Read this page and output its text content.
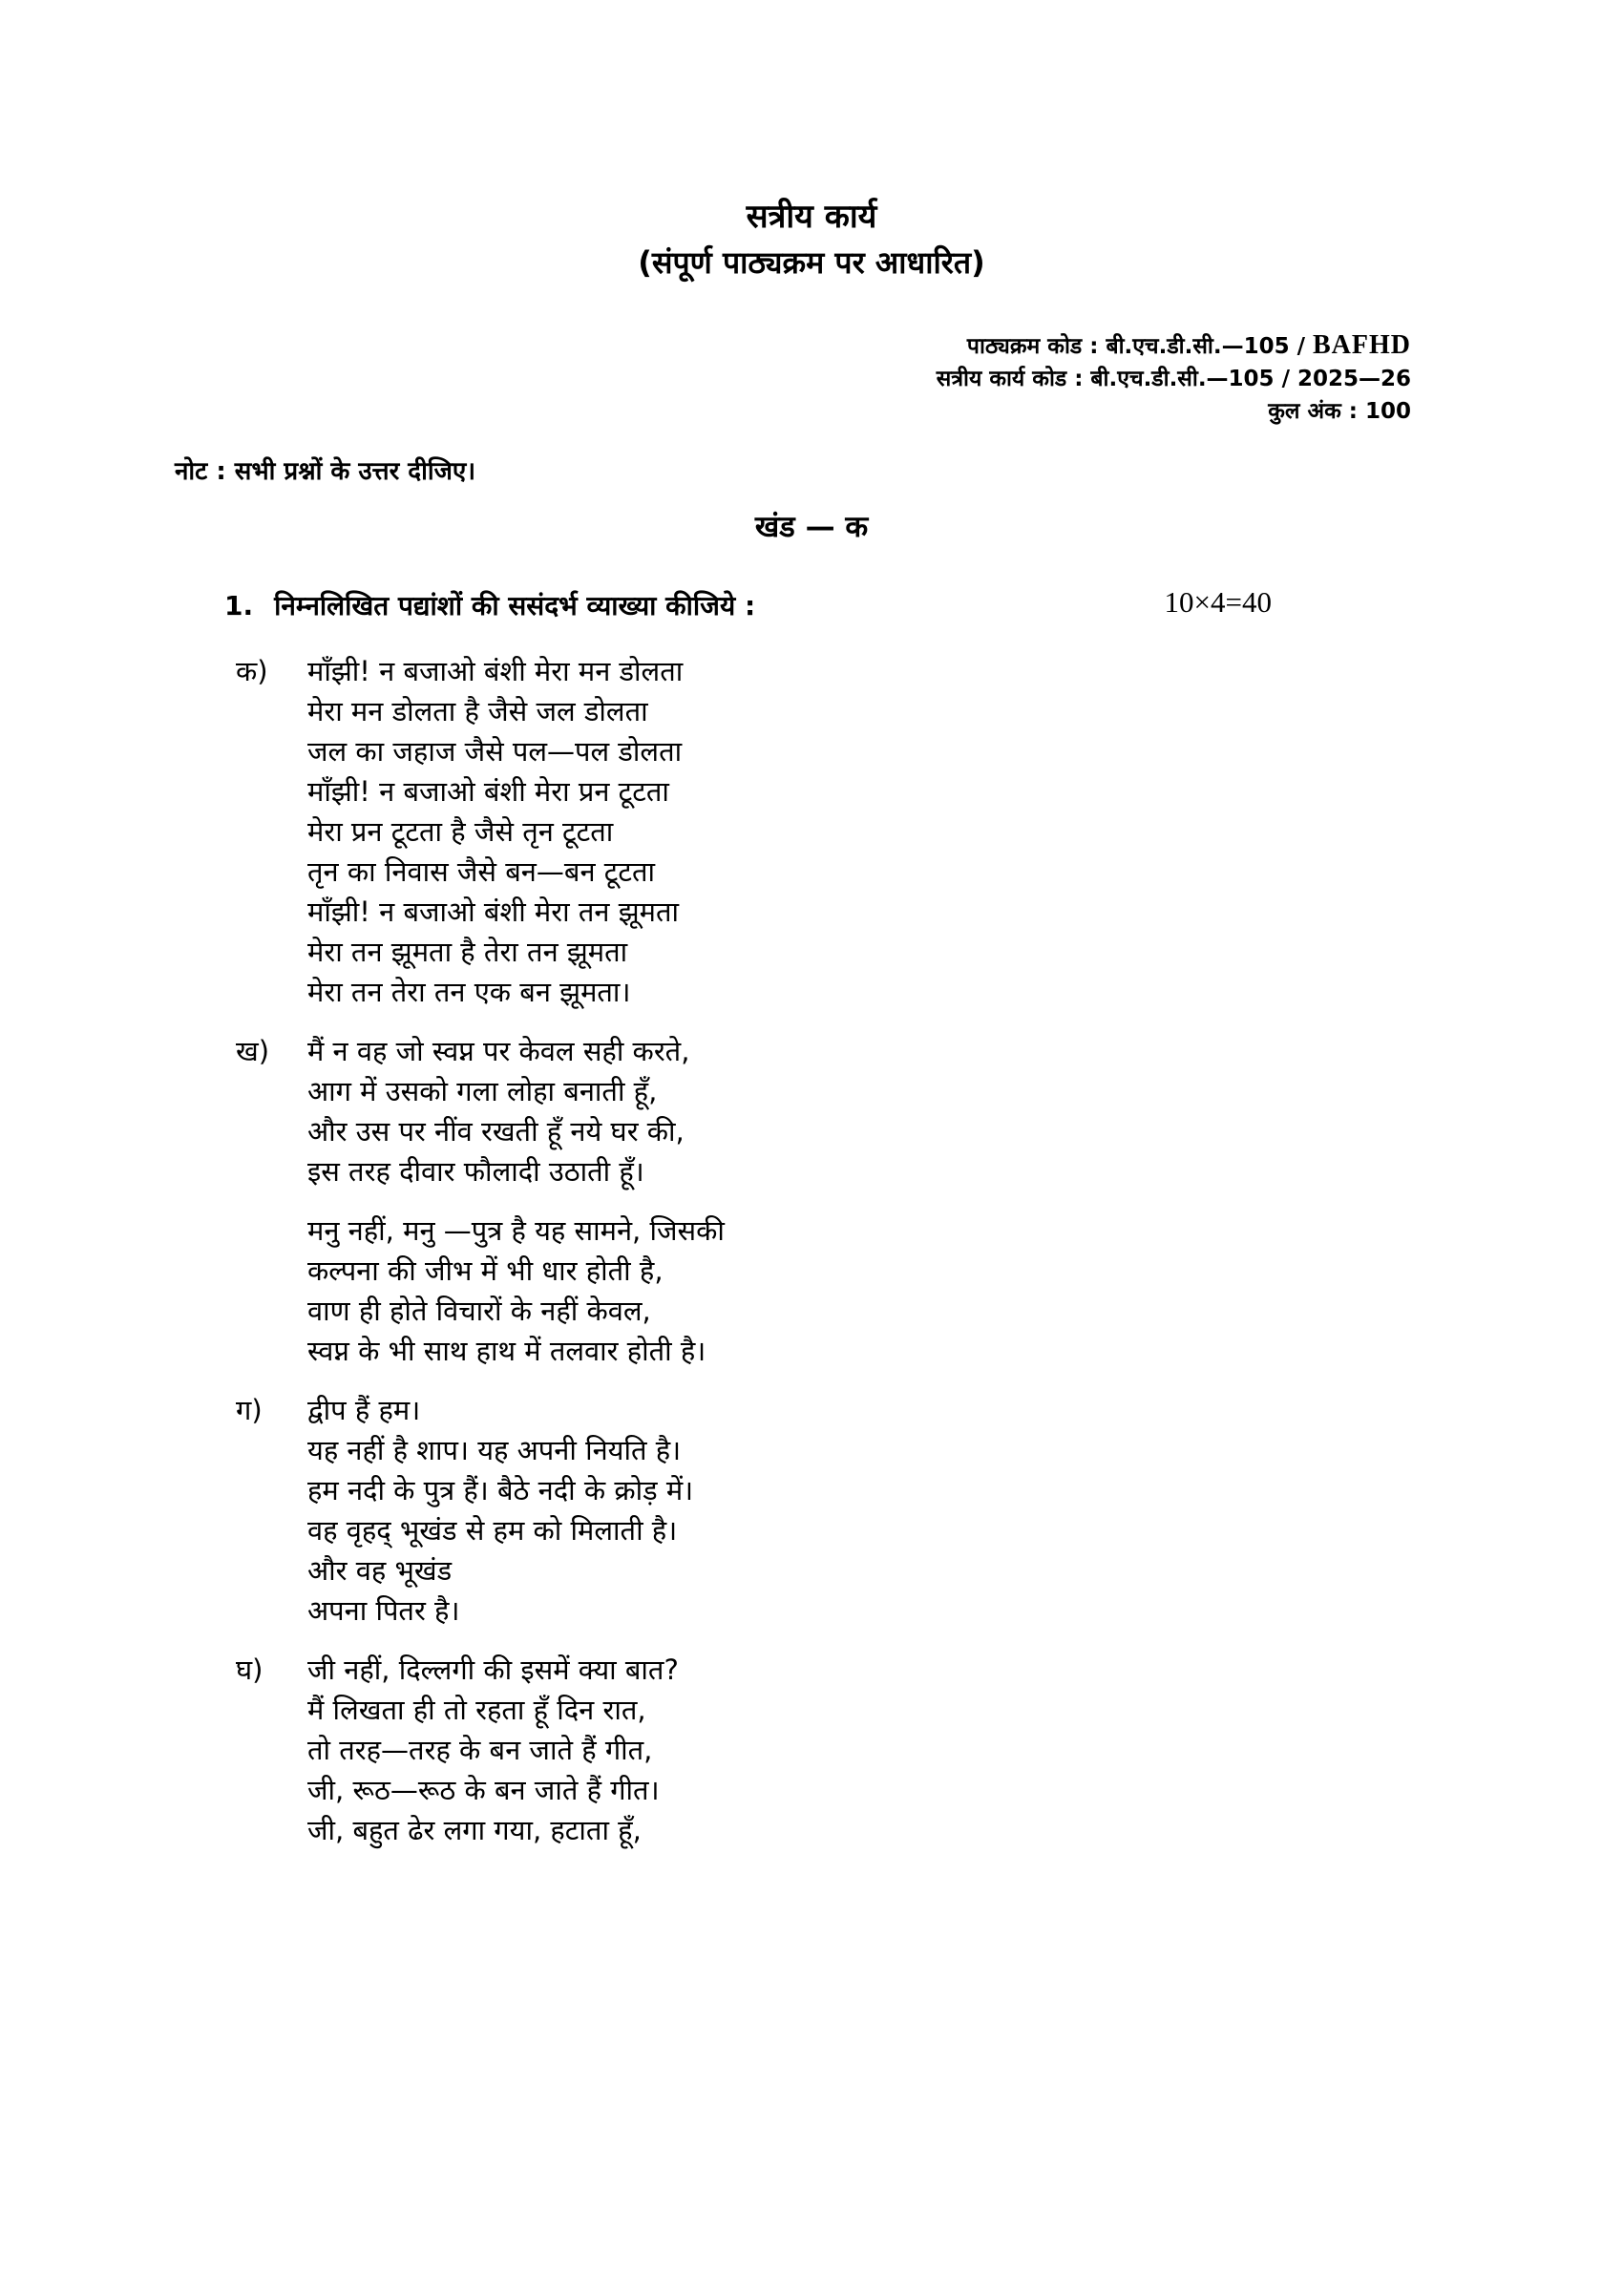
सत्रीय कार्य
(संपूर्ण पाठ्यक्रम पर आधारित)
पाठ्यक्रम कोड : बी.एच.डी.सी.—105 / BAFHD
सत्रीय कार्य कोड : बी.एच.डी.सी.—105 / 2025—26
कुल अंक : 100
नोट : सभी प्रश्नों के उत्तर दीजिए।
खंड — क
1. निम्नलिखित पद्यांशों की ससंदर्भ व्याख्या कीजिये :	10×4=40
क)	माँझी! न बजाओ बंशी मेरा मन डोलता
मेरा मन डोलता है जैसे जल डोलता
जल का जहाज जैसे पल—पल डोलता
माँझी! न बजाओ बंशी मेरा प्रन टूटता
मेरा प्रन टूटता है जैसे तृन टूटता
तृन का निवास जैसे बन—बन टूटता
माँझी! न बजाओ बंशी मेरा तन झूमता
मेरा तन झूमता है तेरा तन झूमता
मेरा तन तेरा तन एक बन झूमता।
ख)	मैं न वह जो स्वप्न पर केवल सही करते,
आग में उसको गला लोहा बनाती हूँ,
और उस पर नींव रखती हूँ नये घर की,
इस तरह दीवार फौलादी उठाती हूँ।
मनु नहीं, मनु —पुत्र है यह सामने, जिसकी
कल्पना की जीभ में भी धार होती है,
वाण ही होते विचारों के नहीं केवल,
स्वप्न के भी साथ हाथ में तलवार होती है।
ग)	द्वीप हैं हम।
यह नहीं है शाप। यह अपनी नियति है।
हम नदी के पुत्र हैं। बैठे नदी के क्रोड़ में।
वह वृहद् भूखंड से हम को मिलाती है।
और वह भूखंड
अपना पितर है।
घ)	जी नहीं, दिल्लगी की इसमें क्या बात?
मैं लिखता ही तो रहता हूँ दिन रात,
तो तरह—तरह के बन जाते हैं गीत,
जी, रूठ—रूठ के बन जाते हैं गीत।
जी, बहुत ढेर लगा गया, हटाता हूँ,
